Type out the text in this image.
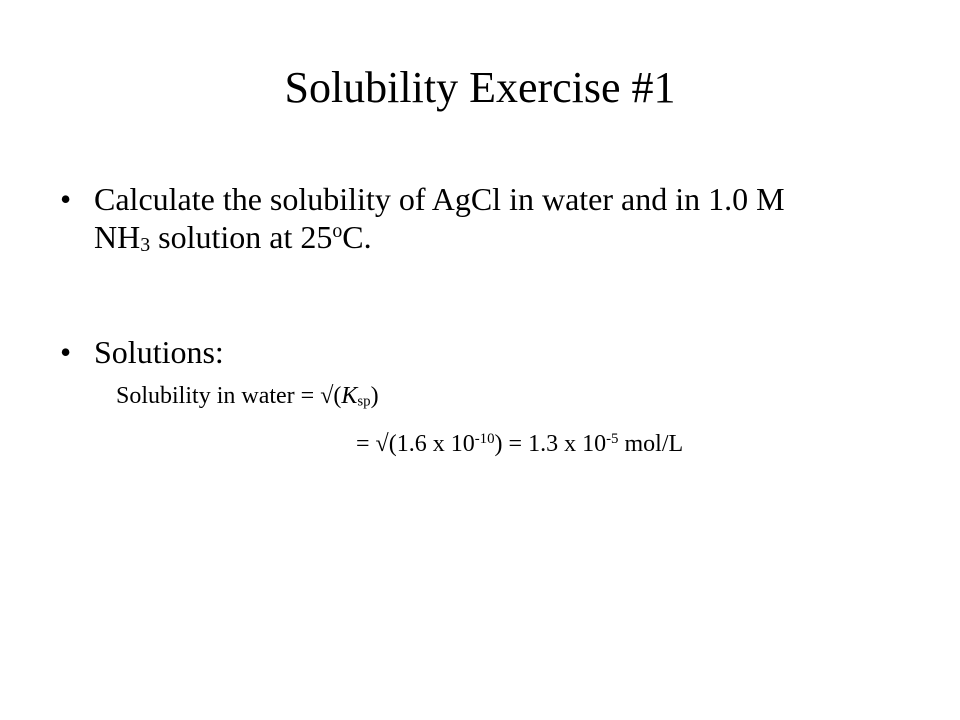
Solubility Exercise #1
• Calculate the solubility of AgCl in water and in 1.0 M
$NH_3$ solution at 25$^o$C.
• Solutions:
Solubility in water = $√(K_{sp})$
= √(1.6 x $10^{-10}) = 1.3$ x $10^{-5}$ mol/L
